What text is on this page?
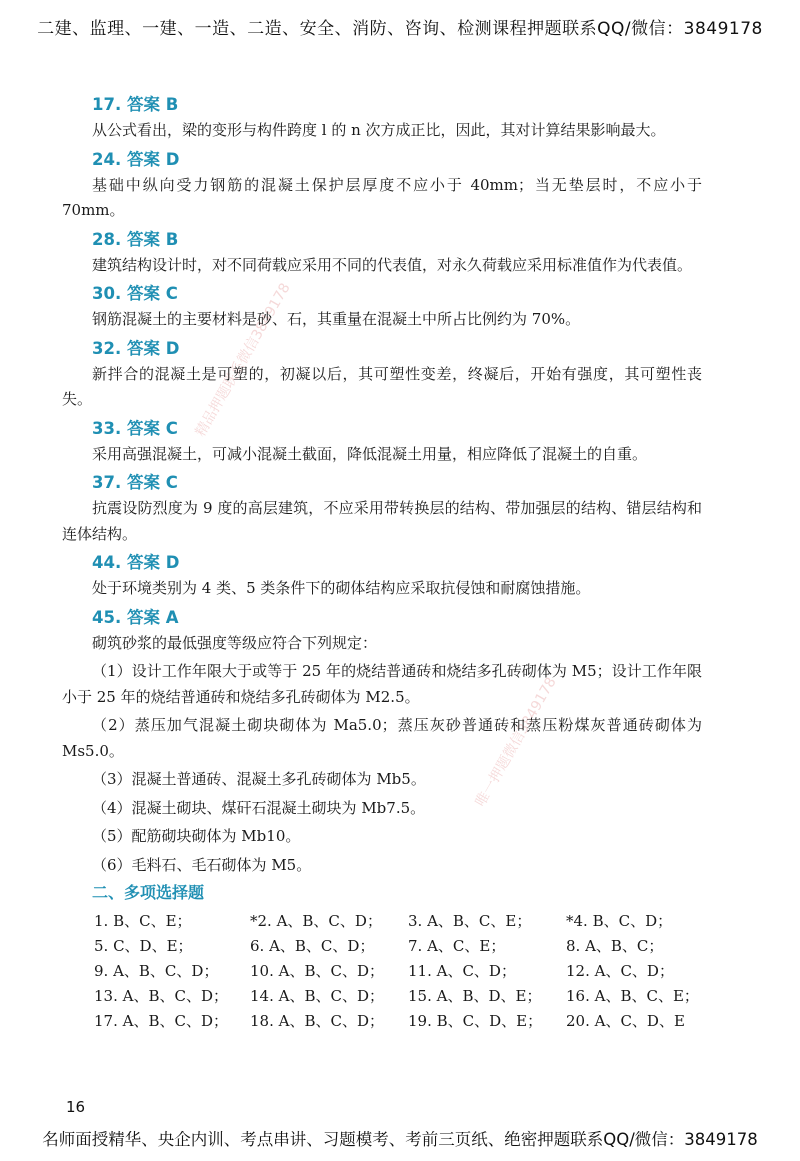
二建、监理、一建、一造、二造、安全、消防、咨询、检测课程押题联系QQ/微信：3849178
精品押题联系微信3849178
唯一押题微信3849178
17. 答案 B

从公式看出，梁的变形与构件跨度 l 的 n 次方成正比，因此，其对计算结果影响最大。

24. 答案 D

基础中纵向受力钢筋的混凝土保护层厚度不应小于 40mm；当无垫层时，不应小于 70mm。

28. 答案 B

建筑结构设计时，对不同荷载应采用不同的代表值，对永久荷载应采用标准值作为代表值。

30. 答案 C

钢筋混凝土的主要材料是砂、石，其重量在混凝土中所占比例约为 70%。

32. 答案 D

新拌合的混凝土是可塑的，初凝以后，其可塑性变差，终凝后，开始有强度，其可塑性丧失。

33. 答案 C

采用高强混凝土，可减小混凝土截面，降低混凝土用量，相应降低了混凝土的自重。

37. 答案 C

抗震设防烈度为 9 度的高层建筑，不应采用带转换层的结构、带加强层的结构、错层结构和连体结构。

44. 答案 D

处于环境类别为 4 类、5 类条件下的砌体结构应采取抗侵蚀和耐腐蚀措施。

45. 答案 A

砌筑砂浆的最低强度等级应符合下列规定：

（1）设计工作年限大于或等于 25 年的烧结普通砖和烧结多孔砖砌体为 M5；设计工作年限小于 25 年的烧结普通砖和烧结多孔砖砌体为 M2.5。

（2）蒸压加气混凝土砌块砌体为 Ma5.0；蒸压灰砂普通砖和蒸压粉煤灰普通砖砌体为 Ms5.0。

（3）混凝土普通砖、混凝土多孔砖砌体为 Mb5。

（4）混凝土砌块、煤矸石混凝土砌块为 Mb7.5。

（5）配筋砌块砌体为 Mb10。

（6）毛料石、毛石砌体为 M5。

二、多项选择题
1. B、C、E；	*2. A、B、C、D；	3. A、B、C、E；	*4. B、C、D；
5. C、D、E；	6. A、B、C、D；	7. A、C、E；	8. A、B、C；
9. A、B、C、D；	10. A、B、C、D；	11. A、C、D；	12. A、C、D；
13. A、B、C、D；	14. A、B、C、D；	15. A、B、D、E；	16. A、B、C、E；
17. A、B、C、D；	18. A、B、C、D；	19. B、C、D、E；	20. A、C、D、E
16
名师面授精华、央企内训、考点串讲、习题模考、考前三页纸、绝密押题联系QQ/微信：3849178
